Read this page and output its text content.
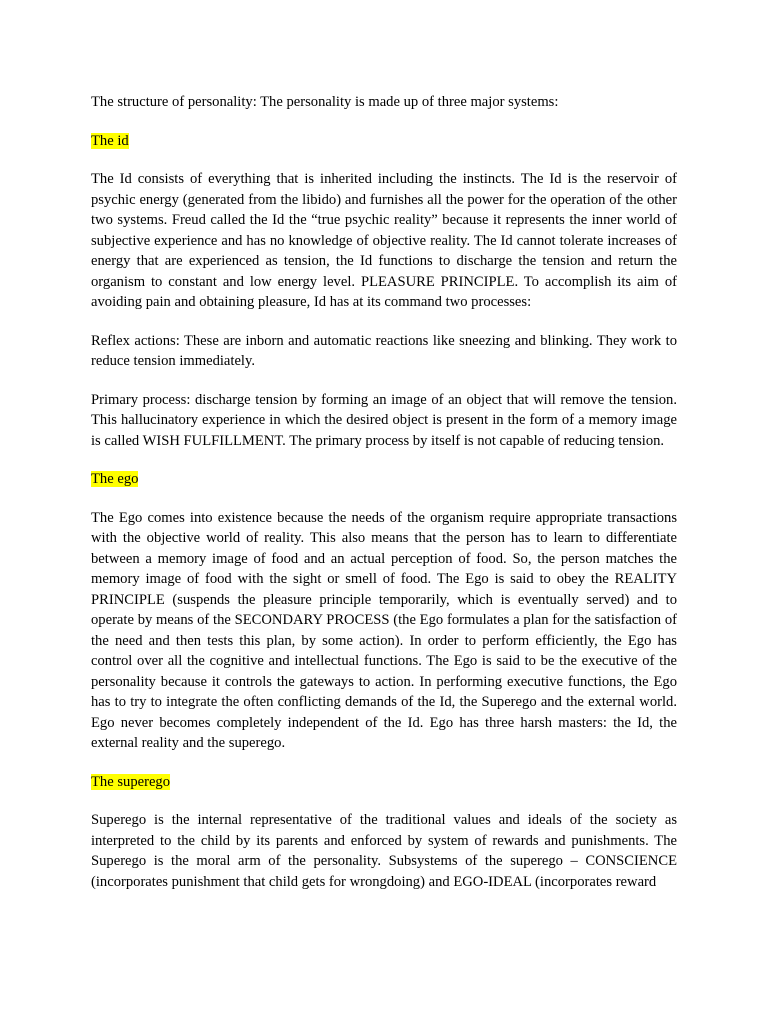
The structure of personality: The personality is made up of three major systems:

The id

The Id consists of everything that is inherited including the instincts. The Id is the reservoir of psychic energy (generated from the libido) and furnishes all the power for the operation of the other two systems. Freud called the Id the “true psychic reality” because it represents the inner world of subjective experience and has no knowledge of objective reality. The Id cannot tolerate increases of energy that are experienced as tension, the Id functions to discharge the tension and return the organism to constant and low energy level. PLEASURE PRINCIPLE. To accomplish its aim of avoiding pain and obtaining pleasure, Id has at its command two processes:

Reflex actions: These are inborn and automatic reactions like sneezing and blinking. They work to reduce tension immediately.

Primary process: discharge tension by forming an image of an object that will remove the tension. This hallucinatory experience in which the desired object is present in the form of a memory image is called WISH FULFILLMENT. The primary process by itself is not capable of reducing tension.

The ego

The Ego comes into existence because the needs of the organism require appropriate transactions with the objective world of reality. This also means that the person has to learn to differentiate between a memory image of food and an actual perception of food. So, the person matches the memory image of food with the sight or smell of food. The Ego is said to obey the REALITY PRINCIPLE (suspends the pleasure principle temporarily, which is eventually served) and to operate by means of the SECONDARY PROCESS (the Ego formulates a plan for the satisfaction of the need and then tests this plan, by some action). In order to perform efficiently, the Ego has control over all the cognitive and intellectual functions. The Ego is said to be the executive of the personality because it controls the gateways to action. In performing executive functions, the Ego has to try to integrate the often conflicting demands of the Id, the Superego and the external world. Ego never becomes completely independent of the Id. Ego has three harsh masters: the Id, the external reality and the superego.

The superego

Superego is the internal representative of the traditional values and ideals of the society as interpreted to the child by its parents and enforced by system of rewards and punishments. The Superego is the moral arm of the personality. Subsystems of the superego – CONSCIENCE (incorporates punishment that child gets for wrongdoing) and EGO-IDEAL (incorporates reward
